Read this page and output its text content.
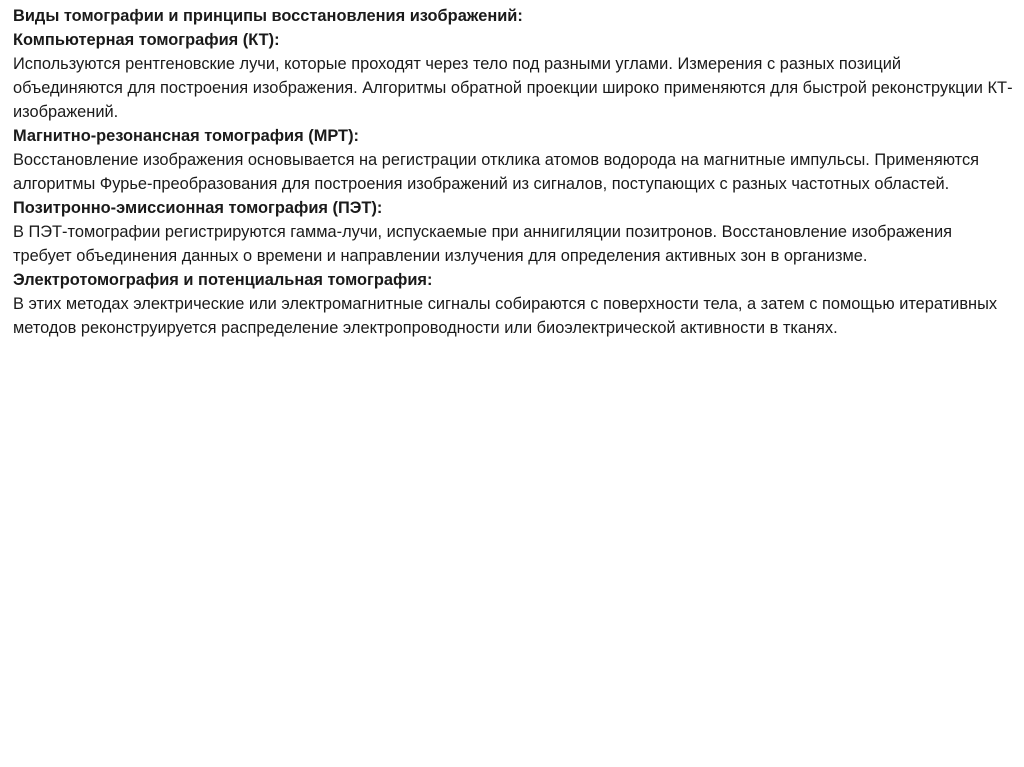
Виды томографии и принципы восстановления изображений:

Компьютерная томография (КТ):

Используются рентгеновские лучи, которые проходят через тело под разными углами. Измерения с разных позиций объединяются для построения изображения. Алгоритмы обратной проекции широко применяются для быстрой реконструкции КТ-изображений.

Магнитно-резонансная томография (МРТ):

Восстановление изображения основывается на регистрации отклика атомов водорода на магнитные импульсы. Применяются алгоритмы Фурье-преобразования для построения изображений из сигналов, поступающих с разных частотных областей.

Позитронно-эмиссионная томография (ПЭТ):

В ПЭТ-томографии регистрируются гамма-лучи, испускаемые при аннигиляции позитронов. Восстановление изображения требует объединения данных о времени и направлении излучения для определения активных зон в организме.

Электротомография и потенциальная томография:

В этих методах электрические или электромагнитные сигналы собираются с поверхности тела, а затем с помощью итеративных методов реконструируется распределение электропроводности или биоэлектрической активности в тканях.
